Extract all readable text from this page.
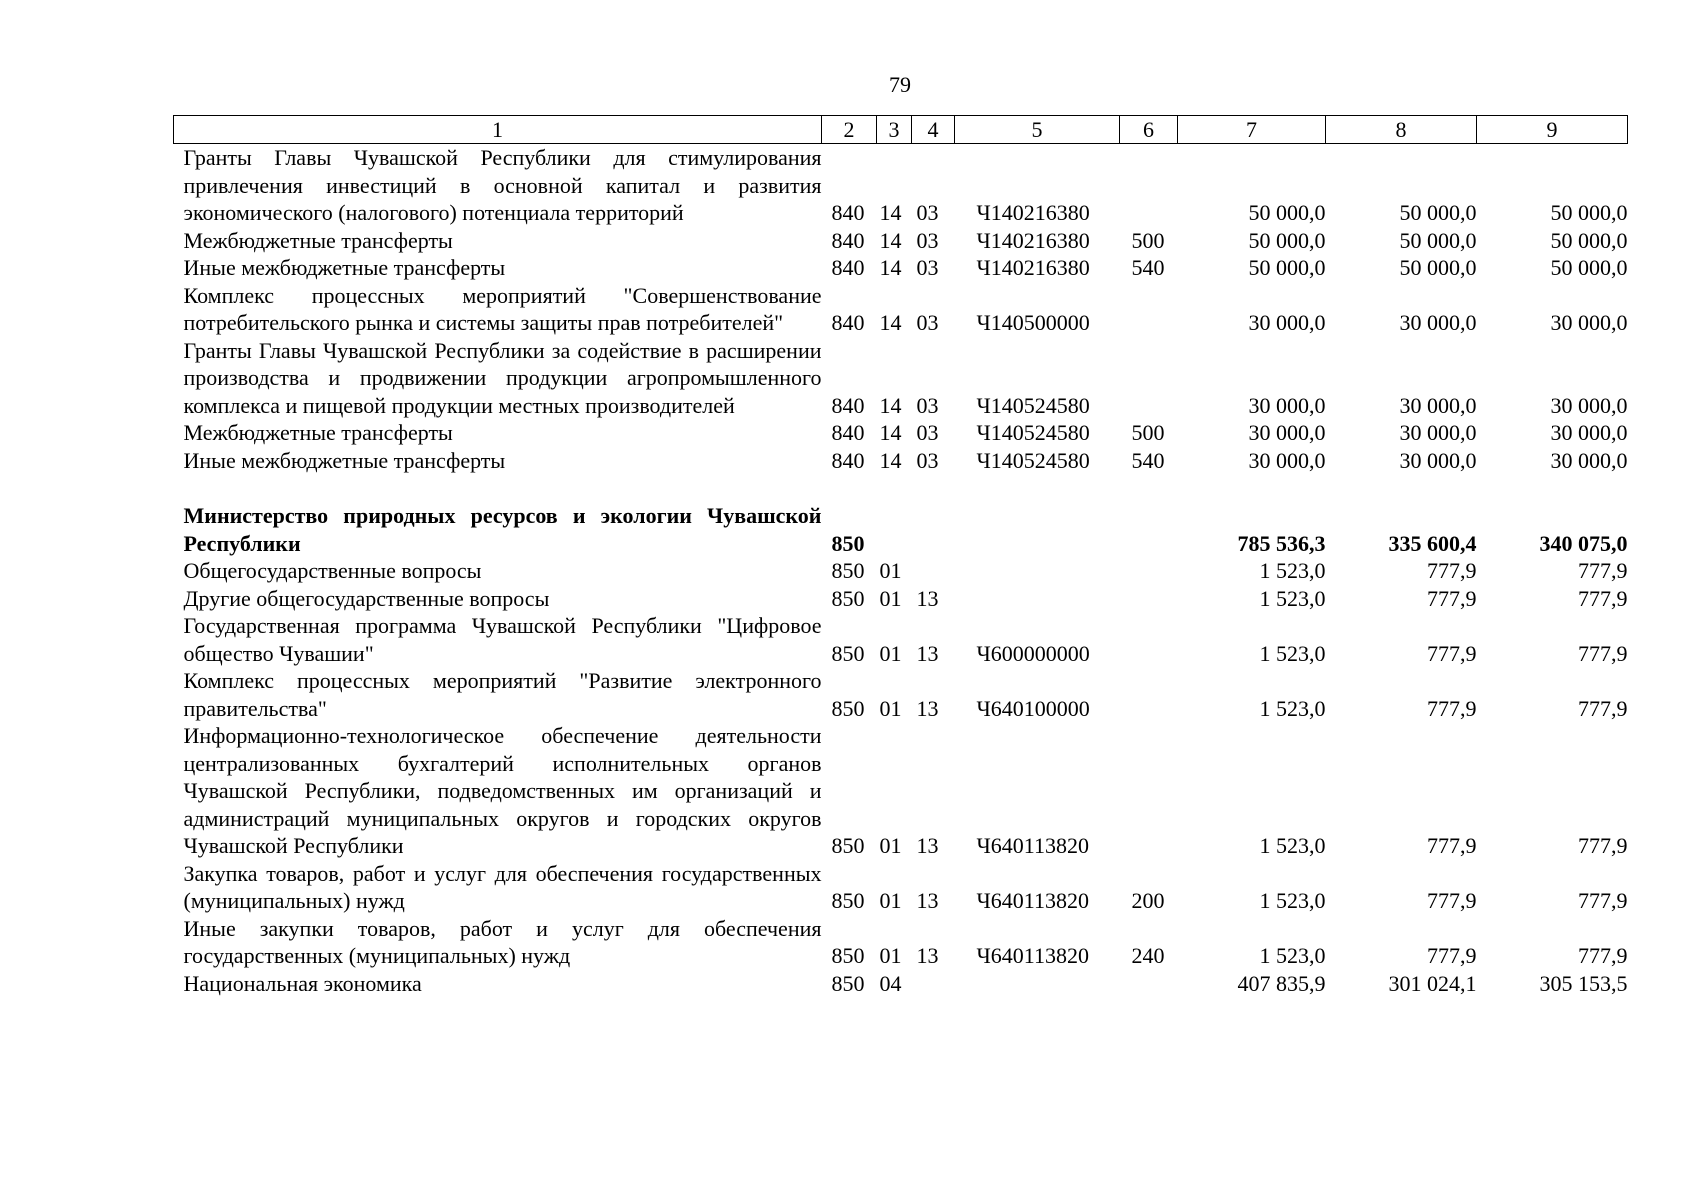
79
1	2	3	4	5	6	7	8	9
Гранты Главы Чувашской Республики для стимулирования привлечения инвестиций в основной капитал и развития экономического (налогового) потенциала территорий	840	14	03	Ч140216380		50 000,0	50 000,0	50 000,0
Межбюджетные трансферты	840	14	03	Ч140216380	500	50 000,0	50 000,0	50 000,0
Иные межбюджетные трансферты	840	14	03	Ч140216380	540	50 000,0	50 000,0	50 000,0
Комплекс процессных мероприятий "Совершенствование потребительского рынка и системы защиты прав потребителей"	840	14	03	Ч140500000		30 000,0	30 000,0	30 000,0
Гранты Главы Чувашской Республики за содействие в расширении производства и продвижении продукции агропромышленного комплекса и пищевой продукции местных производителей	840	14	03	Ч140524580		30 000,0	30 000,0	30 000,0
Межбюджетные трансферты	840	14	03	Ч140524580	500	30 000,0	30 000,0	30 000,0
Иные межбюджетные трансферты	840	14	03	Ч140524580	540	30 000,0	30 000,0	30 000,0

Министерство природных ресурсов и экологии Чувашской Республики	850					785 536,3	335 600,4	340 075,0
Общегосударственные вопросы	850	01				1 523,0	777,9	777,9
Другие общегосударственные вопросы	850	01	13			1 523,0	777,9	777,9
Государственная программа Чувашской Республики "Цифровое общество Чувашии"	850	01	13	Ч600000000		1 523,0	777,9	777,9
Комплекс процессных мероприятий "Развитие электронного правительства"	850	01	13	Ч640100000		1 523,0	777,9	777,9
Информационно-технологическое обеспечение деятельности централизованных бухгалтерий исполнительных органов Чувашской Республики, подведомственных им организаций и администраций муниципальных округов и городских округов Чувашской Республики	850	01	13	Ч640113820		1 523,0	777,9	777,9
Закупка товаров, работ и услуг для обеспечения государственных (муниципальных) нужд	850	01	13	Ч640113820	200	1 523,0	777,9	777,9
Иные закупки товаров, работ и услуг для обеспечения государственных (муниципальных) нужд	850	01	13	Ч640113820	240	1 523,0	777,9	777,9
Национальная экономика	850	04				407 835,9	301 024,1	305 153,5
